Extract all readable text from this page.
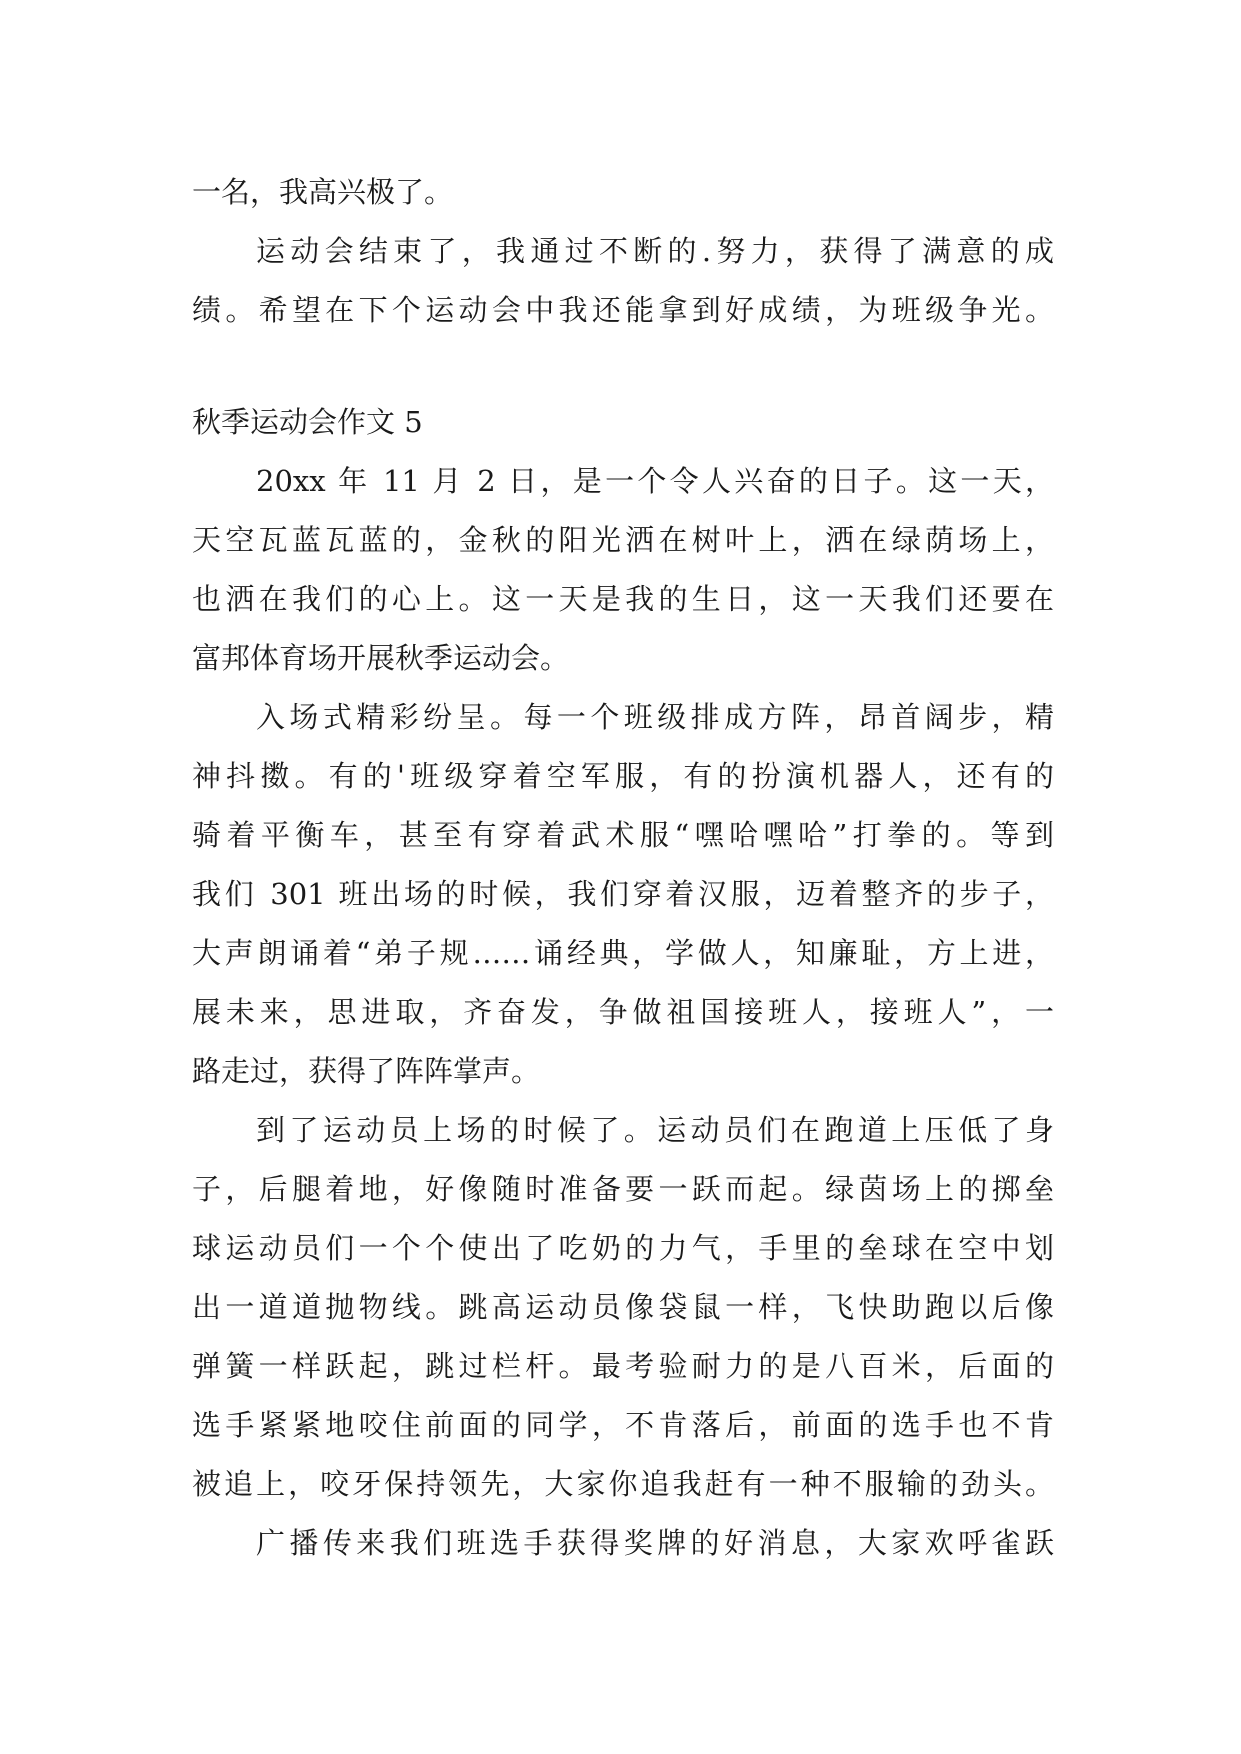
一名，我高兴极了。
运动会结束了，我通过不断的.努力，获得了满意的成
绩。希望在下个运动会中我还能拿到好成绩，为班级争光。
秋季运动会作文 5
20xx 年 11 月 2 日，是一个令人兴奋的日子。这一天，
天空瓦蓝瓦蓝的，金秋的阳光洒在树叶上，洒在绿荫场上，
也洒在我们的心上。这一天是我的生日，这一天我们还要在
富邦体育场开展秋季运动会。
入场式精彩纷呈。每一个班级排成方阵，昂首阔步，精
神抖擞。有的'班级穿着空军服，有的扮演机器人，还有的
骑着平衡车，甚至有穿着武术服“嘿哈嘿哈”打拳的。等到
我们 301 班出场的时候，我们穿着汉服，迈着整齐的步子，
大声朗诵着“弟子规……诵经典，学做人，知廉耻，方上进，
展未来，思进取，齐奋发，争做祖国接班人，接班人”，一
路走过，获得了阵阵掌声。
到了运动员上场的时候了。运动员们在跑道上压低了身
子，后腿着地，好像随时准备要一跃而起。绿茵场上的掷垒
球运动员们一个个使出了吃奶的力气，手里的垒球在空中划
出一道道抛物线。跳高运动员像袋鼠一样，飞快助跑以后像
弹簧一样跃起，跳过栏杆。最考验耐力的是八百米，后面的
选手紧紧地咬住前面的同学，不肯落后，前面的选手也不肯
被追上，咬牙保持领先，大家你追我赶有一种不服输的劲头。
广播传来我们班选手获得奖牌的好消息，大家欢呼雀跃
